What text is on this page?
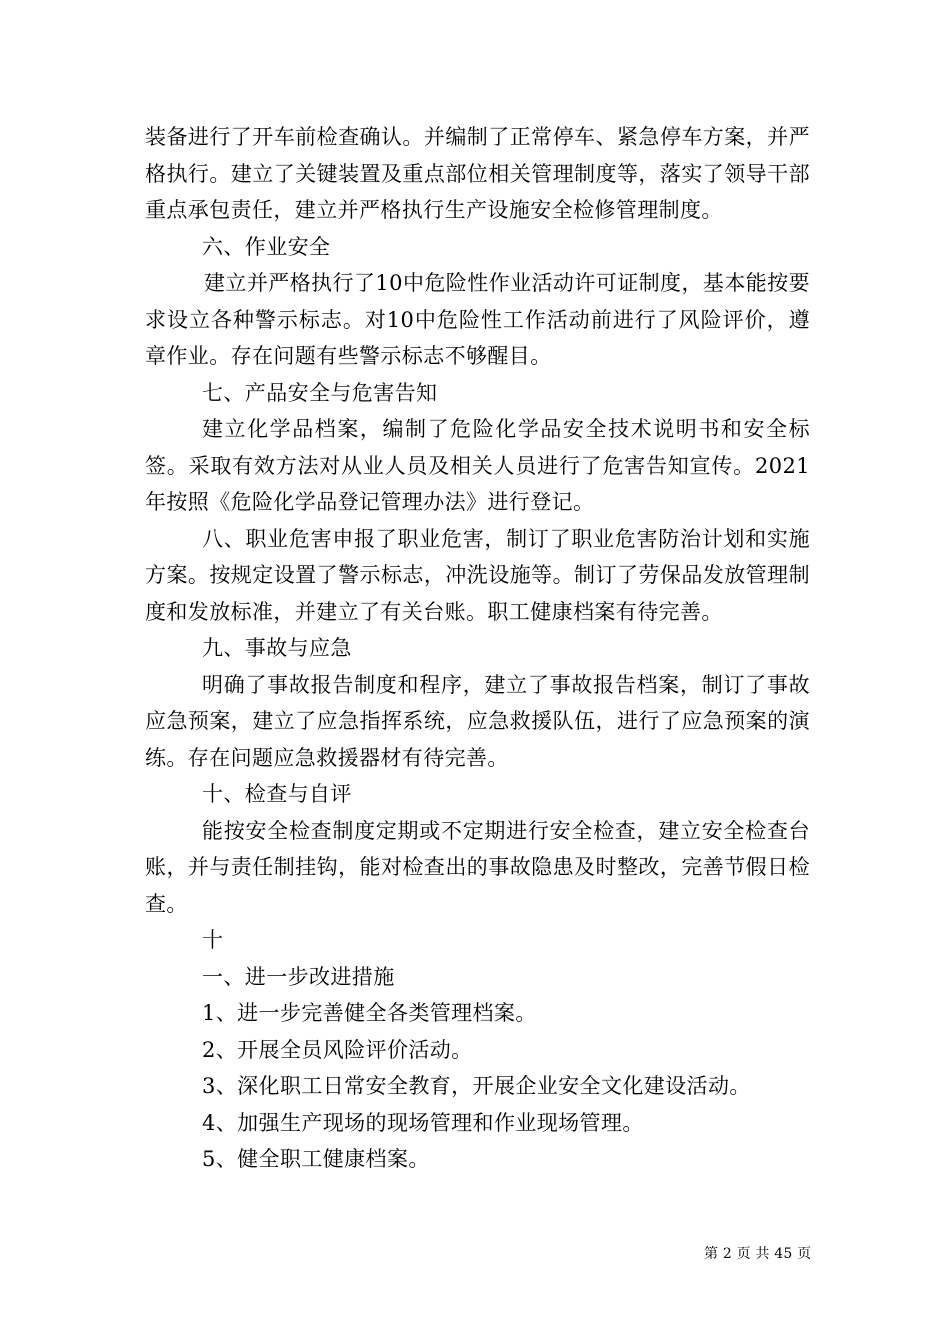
装备进行了开车前检查确认。并编制了正常停车、紧急停车方案，并严格执行。建立了关键装置及重点部位相关管理制度等，落实了领导干部重点承包责任，建立并严格执行生产设施安全检修管理制度。

六、作业安全

建立并严格执行了10中危险性作业活动许可证制度，基本能按要求设立各种警示标志。对10中危险性工作活动前进行了风险评价，遵章作业。存在问题有些警示标志不够醒目。

七、产品安全与危害告知

建立化学品档案，编制了危险化学品安全技术说明书和安全标签。采取有效方法对从业人员及相关人员进行了危害告知宣传。2021年按照《危险化学品登记管理办法》进行登记。

八、职业危害申报了职业危害，制订了职业危害防治计划和实施方案。按规定设置了警示标志，冲洗设施等。制订了劳保品发放管理制度和发放标准，并建立了有关台账。职工健康档案有待完善。

九、事故与应急

明确了事故报告制度和程序，建立了事故报告档案，制订了事故应急预案，建立了应急指挥系统，应急救援队伍，进行了应急预案的演练。存在问题应急救援器材有待完善。

十、检查与自评

能按安全检查制度定期或不定期进行安全检查，建立安全检查台账，并与责任制挂钩，能对检查出的事故隐患及时整改，完善节假日检查。

十

一、进一步改进措施

1、进一步完善健全各类管理档案。

2、开展全员风险评价活动。

3、深化职工日常安全教育，开展企业安全文化建设活动。

4、加强生产现场的现场管理和作业现场管理。

5、健全职工健康档案。

第 2 页 共 45 页
